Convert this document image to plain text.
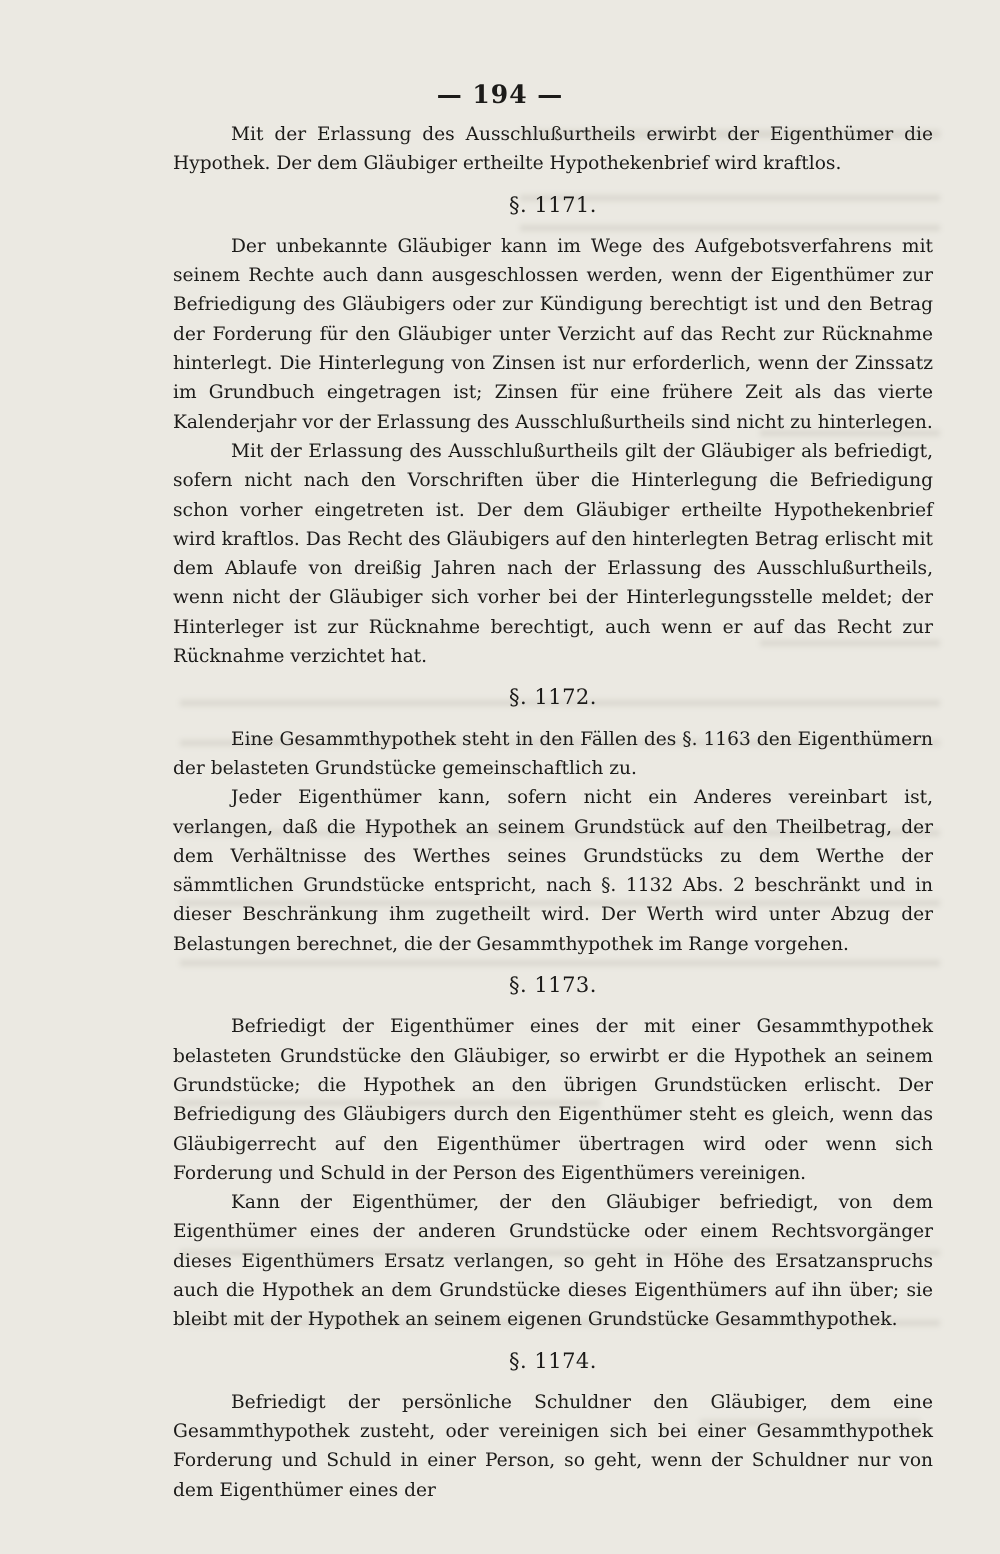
— 194 —

Mit der Erlassung des Ausschlußurtheils erwirbt der Eigenthümer die Hypothek. Der dem Gläubiger ertheilte Hypothekenbrief wird kraftlos.

§. 1171.

Der unbekannte Gläubiger kann im Wege des Aufgebotsverfahrens mit seinem Rechte auch dann ausgeschlossen werden, wenn der Eigenthümer zur Befriedigung des Gläubigers oder zur Kündigung berechtigt ist und den Betrag der Forderung für den Gläubiger unter Verzicht auf das Recht zur Rücknahme hinterlegt. Die Hinterlegung von Zinsen ist nur erforderlich, wenn der Zinssatz im Grundbuch eingetragen ist; Zinsen für eine frühere Zeit als das vierte Kalenderjahr vor der Erlassung des Ausschlußurtheils sind nicht zu hinterlegen.

Mit der Erlassung des Ausschlußurtheils gilt der Gläubiger als befriedigt, sofern nicht nach den Vorschriften über die Hinterlegung die Befriedigung schon vorher eingetreten ist. Der dem Gläubiger ertheilte Hypothekenbrief wird kraftlos. Das Recht des Gläubigers auf den hinterlegten Betrag erlischt mit dem Ablaufe von dreißig Jahren nach der Erlassung des Ausschlußurtheils, wenn nicht der Gläubiger sich vorher bei der Hinterlegungsstelle meldet; der Hinterleger ist zur Rücknahme berechtigt, auch wenn er auf das Recht zur Rücknahme verzichtet hat.

§. 1172.

Eine Gesammthypothek steht in den Fällen des §. 1163 den Eigenthümern der belasteten Grundstücke gemeinschaftlich zu.

Jeder Eigenthümer kann, sofern nicht ein Anderes vereinbart ist, verlangen, daß die Hypothek an seinem Grundstück auf den Theilbetrag, der dem Verhältnisse des Werthes seines Grundstücks zu dem Werthe der sämmtlichen Grundstücke entspricht, nach §. 1132 Abs. 2 beschränkt und in dieser Beschränkung ihm zugetheilt wird. Der Werth wird unter Abzug der Belastungen berechnet, die der Gesammthypothek im Range vorgehen.

§. 1173.

Befriedigt der Eigenthümer eines der mit einer Gesammthypothek belasteten Grundstücke den Gläubiger, so erwirbt er die Hypothek an seinem Grundstücke; die Hypothek an den übrigen Grundstücken erlischt. Der Befriedigung des Gläubigers durch den Eigenthümer steht es gleich, wenn das Gläubigerrecht auf den Eigenthümer übertragen wird oder wenn sich Forderung und Schuld in der Person des Eigenthümers vereinigen.

Kann der Eigenthümer, der den Gläubiger befriedigt, von dem Eigenthümer eines der anderen Grundstücke oder einem Rechtsvorgänger dieses Eigenthümers Ersatz verlangen, so geht in Höhe des Ersatzanspruchs auch die Hypothek an dem Grundstücke dieses Eigenthümers auf ihn über; sie bleibt mit der Hypothek an seinem eigenen Grundstücke Gesammthypothek.

§. 1174.

Befriedigt der persönliche Schuldner den Gläubiger, dem eine Gesammthypothek zusteht, oder vereinigen sich bei einer Gesammthypothek Forderung und Schuld in einer Person, so geht, wenn der Schuldner nur von dem Eigenthümer eines der
